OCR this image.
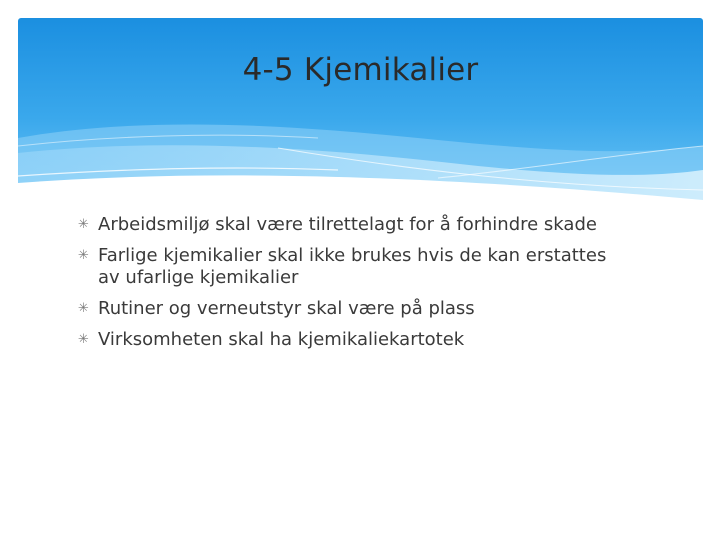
4-5 Kjemikalier
✳ Arbeidsmiljø skal være tilrettelagt for å forhindre skade
✳ Farlige kjemikalier skal ikke brukes hvis de kan erstattes av ufarlige kjemikalier
✳ Rutiner og verneutstyr skal være på plass
✳ Virksomheten skal ha kjemikaliekartotek
